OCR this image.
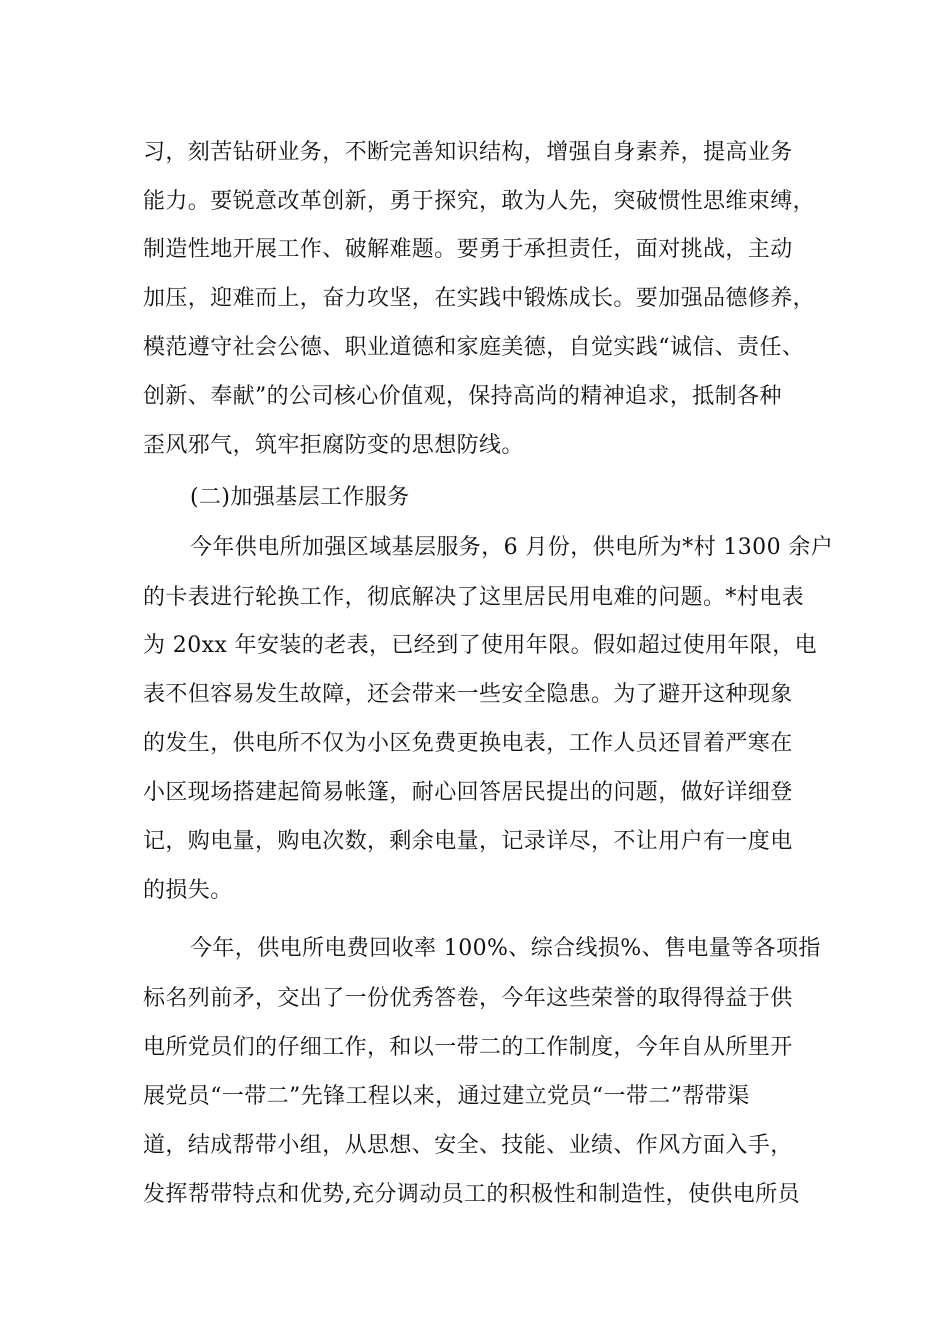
习，刻苦钻研业务，不断完善知识结构，增强自身素养，提高业务
能力。要锐意改革创新，勇于探究，敢为人先，突破惯性思维束缚，
制造性地开展工作、破解难题。要勇于承担责任，面对挑战，主动
加压，迎难而上，奋力攻坚，在实践中锻炼成长。要加强品德修养，
模范遵守社会公德、职业道德和家庭美德，自觉实践“诚信、责任、
创新、奉献”的公司核心价值观，保持高尚的精神追求，抵制各种
歪风邪气，筑牢拒腐防变的思想防线。
(二)加强基层工作服务
今年供电所加强区域基层服务，6 月份，供电所为*村 1300 余户
的卡表进行轮换工作，彻底解决了这里居民用电难的问题。*村电表
为 20xx 年安装的老表，已经到了使用年限。假如超过使用年限，电
表不但容易发生故障，还会带来一些安全隐患。为了避开这种现象
的发生，供电所不仅为小区免费更换电表，工作人员还冒着严寒在
小区现场搭建起简易帐篷，耐心回答居民提出的问题，做好详细登
记，购电量，购电次数，剩余电量，记录详尽，不让用户有一度电
的损失。
今年，供电所电费回收率 100%、综合线损%、售电量等各项指
标名列前矛，交出了一份优秀答卷，今年这些荣誉的取得得益于供
电所党员们的仔细工作，和以一带二的工作制度，今年自从所里开
展党员“一带二”先锋工程以来，通过建立党员“一带二”帮带渠
道，结成帮带小组，从思想、安全、技能、业绩、作风方面入手，
发挥帮带特点和优势,充分调动员工的积极性和制造性，使供电所员
